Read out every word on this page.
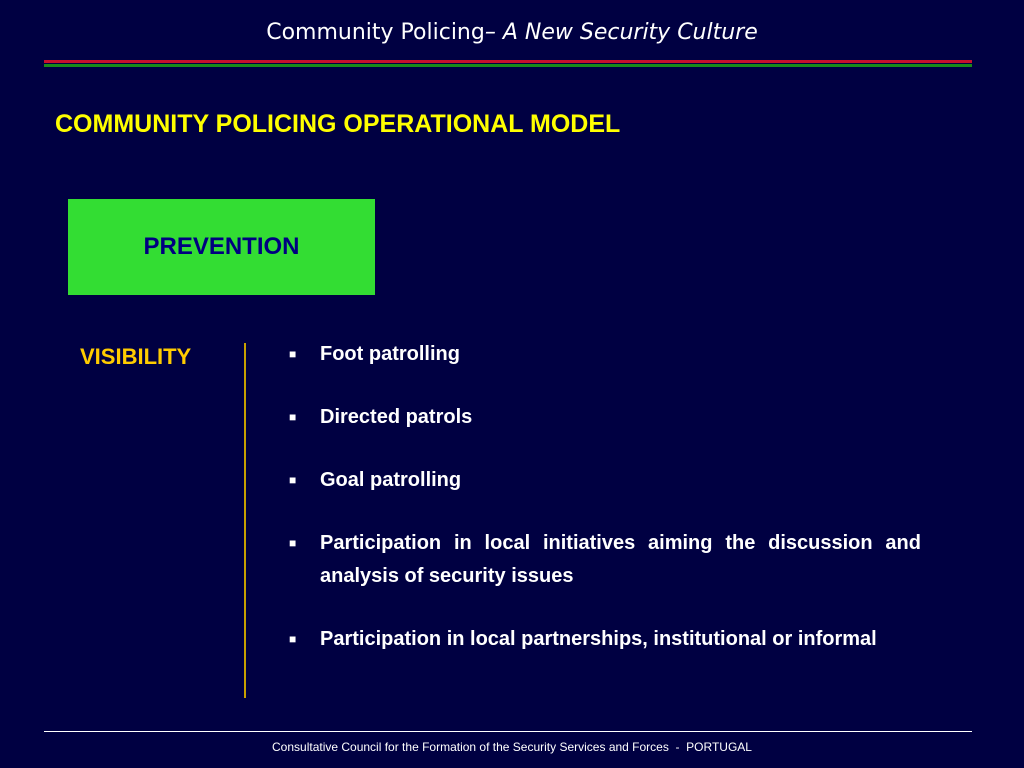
Community Policing– A New Security Culture
COMMUNITY POLICING OPERATIONAL MODEL
PREVENTION
VISIBILITY	■ Foot patrolling
■ Directed patrols
■ Goal patrolling
■ Participation in local initiatives aiming the discussion and analysis of security issues
■ Participation in local partnerships, institutional or informal
Consultative Council for the Formation of the Security Services and Forces  -  PORTUGAL
